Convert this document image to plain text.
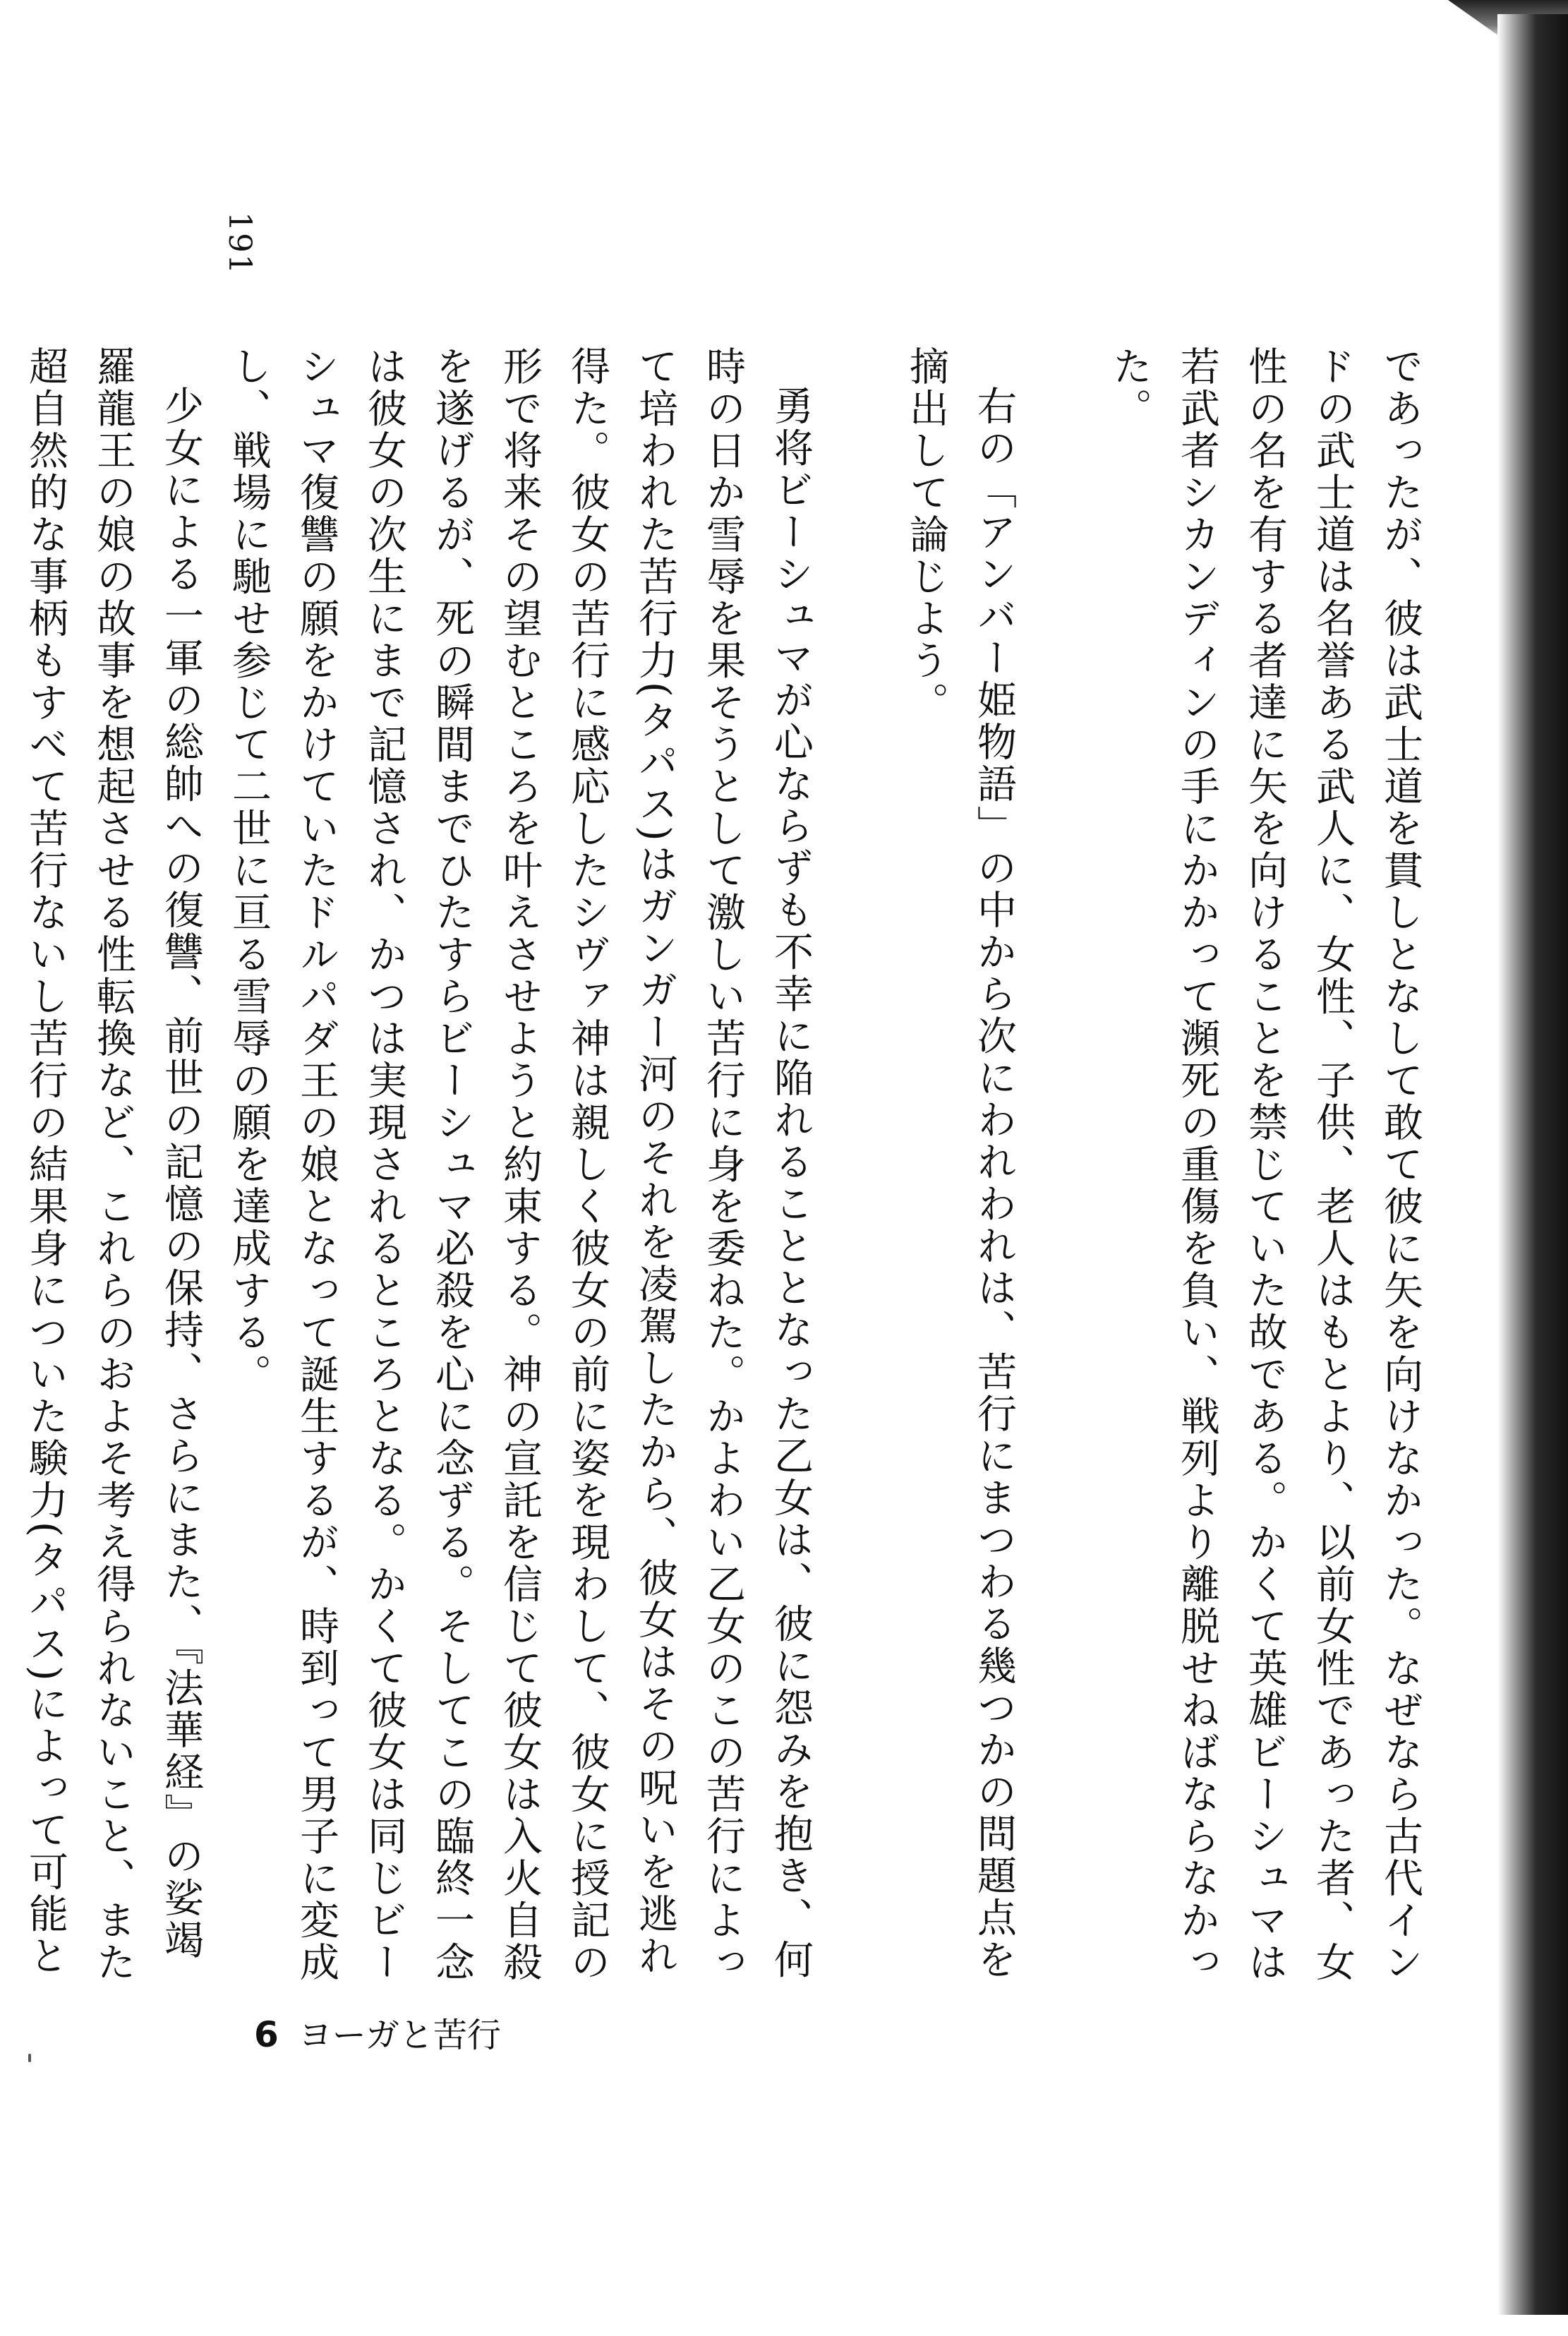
191

であったが、彼は武士道を貫しとなして敢て彼に矢を向けなかった。なぜなら古代インドの武士道は名誉ある武人に、女性、子供、老人はもとより、以前女性であった者、女性の名を有する者達に矢を向けることを禁じていた故である。かくて英雄ビーシュマは若武者シカンディンの手にかかって瀕死の重傷を負い、戦列より離脱せねばならなかった。

右の「アンバー姫物語」の中から次にわれわれは、苦行にまつわる幾つかの問題点を摘出して論じよう。

勇将ビーシュマが心ならずも不幸に陥れることとなった乙女は、彼に怨みを抱き、何時の日か雪辱を果そうとして激しい苦行に身を委ねた。かよわい乙女のこの苦行によって培われた苦行力(タパス)はガンガー河のそれを凌駕したから、彼女はその呪いを逃れ得た。彼女の苦行に感応したシヴァ神は親しく彼女の前に姿を現わして、彼女に授記の形で将来その望むところを叶えさせようと約束する。神の宣託を信じて彼女は入火自殺を遂げるが、死の瞬間までひたすらビーシュマ必殺を心に念ずる。そしてこの臨終一念は彼女の次生にまで記憶され、かつは実現されるところとなる。かくて彼女は同じビーシュマ復讐の願をかけていたドルパダ王の娘となって誕生するが、時到って男子に変成し、戦場に馳せ参じて二世に亘る雪辱の願を達成する。

少女による一軍の総帥への復讐、前世の記憶の保持、さらにまた、『法華経』の娑竭羅龍王の娘の故事を想起させる性転換など、これらのおよそ考え得られないこと、また超自然的な事柄もすべて苦行ないし苦行の結果身についた験力(タパス)によって可能と

6 ヨーガと苦行
